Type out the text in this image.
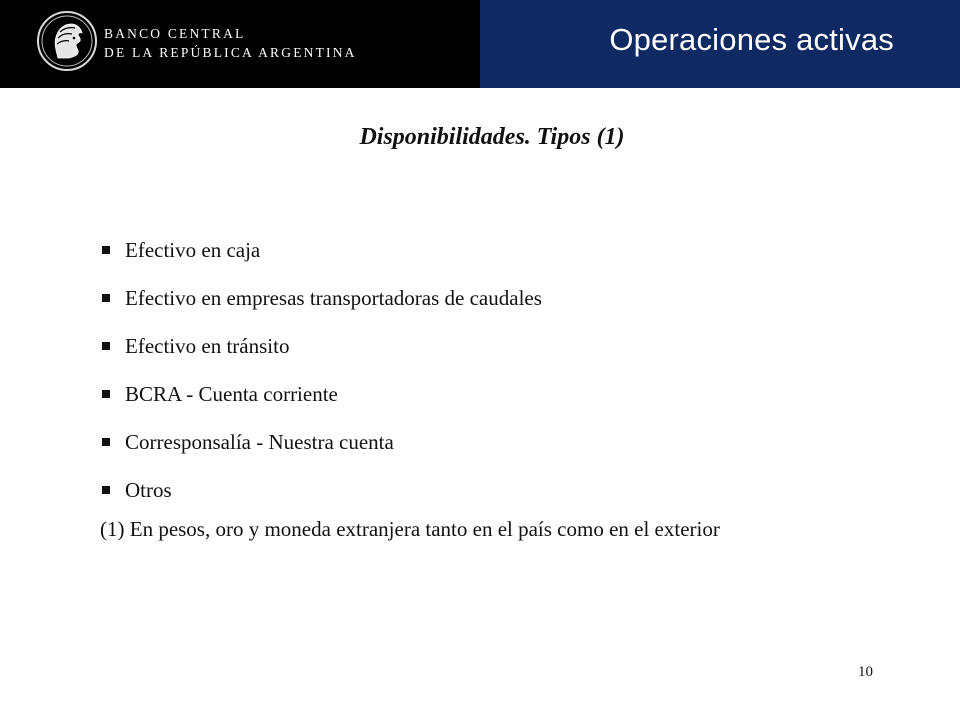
BANCO CENTRAL
DE LA REPÚBLICA ARGENTINA	Operaciones activas
Disponibilidades. Tipos (1)
Efectivo en caja
Efectivo en empresas transportadoras de caudales
Efectivo en tránsito
BCRA - Cuenta corriente
Corresponsalía - Nuestra cuenta
Otros
(1) En pesos, oro y moneda extranjera tanto en el país como en el exterior
10
